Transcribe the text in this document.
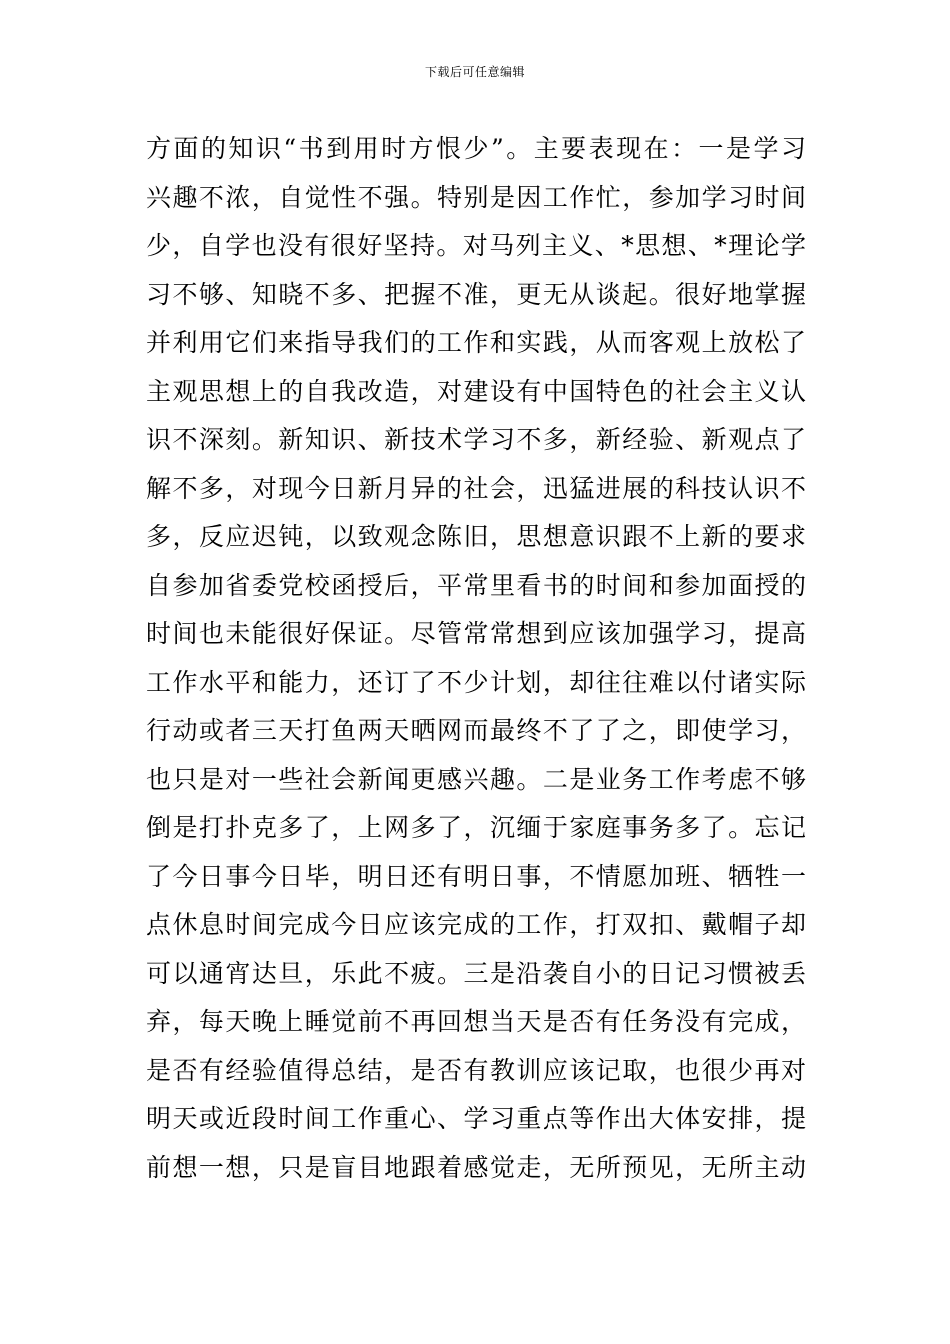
下载后可任意编辑
方面的知识“书到用时方恨少”。主要表现在：一是学习
兴趣不浓，自觉性不强。特别是因工作忙，参加学习时间
少，自学也没有很好坚持。对马列主义、*思想、*理论学
习不够、知晓不多、把握不准，更无从谈起。很好地掌握
并利用它们来指导我们的工作和实践，从而客观上放松了
主观思想上的自我改造，对建设有中国特色的社会主义认
识不深刻。新知识、新技术学习不多，新经验、新观点了
解不多，对现今日新月异的社会，迅猛进展的科技认识不
多，反应迟钝，以致观念陈旧，思想意识跟不上新的要求
自参加省委党校函授后，平常里看书的时间和参加面授的
时间也未能很好保证。尽管常常想到应该加强学习，提高
工作水平和能力，还订了不少计划，却往往难以付诸实际
行动或者三天打鱼两天晒网而最终不了了之，即使学习，
也只是对一些社会新闻更感兴趣。二是业务工作考虑不够
倒是打扑克多了，上网多了，沉缅于家庭事务多了。忘记
了今日事今日毕，明日还有明日事，不情愿加班、牺牲一
点休息时间完成今日应该完成的工作，打双扣、戴帽子却
可以通宵达旦，乐此不疲。三是沿袭自小的日记习惯被丢
弃，每天晚上睡觉前不再回想当天是否有任务没有完成，
是否有经验值得总结，是否有教训应该记取，也很少再对
明天或近段时间工作重心、学习重点等作出大体安排，提
前想一想，只是盲目地跟着感觉走，无所预见，无所主动
